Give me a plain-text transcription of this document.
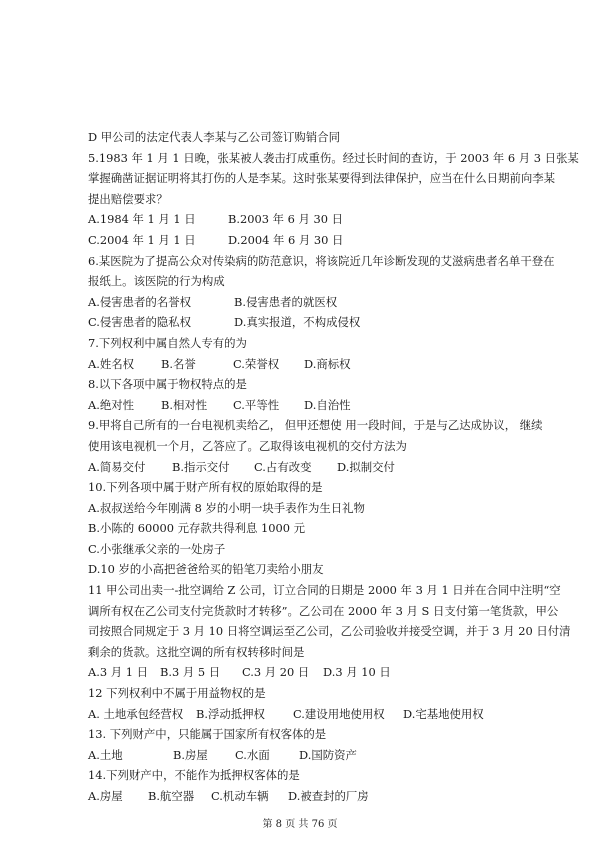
D 甲公司的法定代表人李某与乙公司签订购销合同
5.1983 年 1 月 1 日晚，张某被人袭击打成重伤。经过长时间的查访，于 2003 年 6 月 3 日张某
掌握确凿证据证明将其打伤的人是李某。这时张某要得到法律保护，应当在什么日期前向李某
提出赔偿要求？
A.1984 年 1 月 1 日	B.2003 年 6 月 30 日
C.2004 年 1 月 1 日	D.2004 年 6 月 30 日
6.某医院为了提高公众对传染病的防范意识，将该院近几年诊断发现的艾滋病患者名单干登在
报纸上。该医院的行为构成
A.侵害患者的名誉权	B.侵害患者的就医权
C.侵害患者的隐私权	D.真实报道，不构成侵权
7.下列权利中属自然人专有的为
A.姓名权	B.名誉	C.荣誉权	D.商标权
8.以下各项中属于物权特点的是
A.绝对性	B.相对性	C.平等性	D.自治性
9.甲将自己所有的一台电视机卖给乙， 但甲还想使 用一段时间，于是与乙达成协议， 继续
使用该电视机一个月，乙答应了。乙取得该电视机的交付方法为
A.简易交付	B.指示交付	C.占有改变	D.拟制交付
10.下列各项中属于财产所有权的原始取得的是
A.叔叔送给今年刚满 8 岁的小明一块手表作为生日礼物
B.小陈的 60000 元存款共得利息 1000 元
C.小张继承父亲的一处房子
D.10 岁的小高把爸爸给买的铅笔刀卖给小朋友
11 甲公司出卖一-批空调给 Z 公司，订立合同的日期是 2000 年 3 月 1 日并在合同中注明“空
调所有权在乙公司支付完货款时才转移”。乙公司在 2000 年 3 月 S 日支付第一笔货款，甲公
司按照合同规定于 3 月 10 日将空调运至乙公司，乙公司验收并接受空调，并于 3 月 20 日付清
剩余的货款。这批空调的所有权转移时间是
A.3 月 1 日	B.3 月 5 日	C.3 月 20 日	D.3 月 10 日
12 下列权利中不属于用益物权的是
A. 土地承包经营权	B.浮动抵押权	C.建设用地使用权	D.宅基地使用权
13. 下列财产中，只能属于国家所有权客体的是
A.土地	B.房屋	C.水面	D.国防资产
14.下列财产中，不能作为抵押权客体的是
A.房屋	B.航空器	C.机动车辆	D.被查封的厂房
第 8 页 共 76 页
